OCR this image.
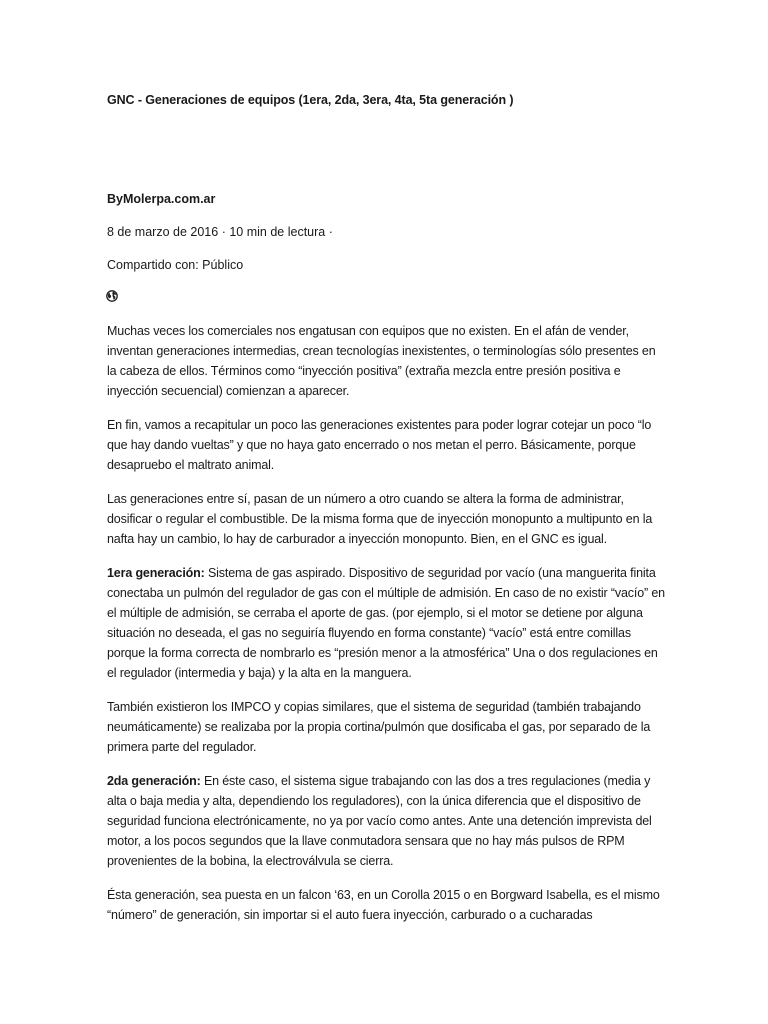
GNC - Generaciones de equipos (1era, 2da, 3era, 4ta, 5ta generación )
ByMolerpa.com.ar
8 de marzo de 2016 · 10 min de lectura ·
Compartido con: Público

Muchas veces los comerciales nos engatusan con equipos que no existen. En el afán de vender, inventan generaciones intermedias, crean tecnologías inexistentes, o terminologías sólo presentes en la cabeza de ellos. Términos como “inyección positiva” (extraña mezcla entre presión positiva e inyección secuencial) comienzan a aparecer.

En fin, vamos a recapitular un poco las generaciones existentes para poder lograr cotejar un poco “lo que hay dando vueltas” y que no haya gato encerrado o nos metan el perro. Básicamente, porque desapruebo el maltrato animal.

Las generaciones entre sí, pasan de un número a otro cuando se altera la forma de administrar, dosificar o regular el combustible. De la misma forma que de inyección monopunto a multipunto en la nafta hay un cambio, lo hay de carburador a inyección monopunto. Bien, en el GNC es igual.

1era generación: Sistema de gas aspirado. Dispositivo de seguridad por vacío (una manguerita finita conectaba un pulmón del regulador de gas con el múltiple de admisión. En caso de no existir “vacío” en el múltiple de admisión, se cerraba el aporte de gas. (por ejemplo, si el motor se detiene por alguna situación no deseada, el gas no seguiría fluyendo en forma constante) “vacío” está entre comillas porque la forma correcta de nombrarlo es “presión menor a la atmosférica” Una o dos regulaciones en el regulador (intermedia y baja) y la alta en la manguera.

También existieron los IMPCO y copias similares, que el sistema de seguridad (también trabajando neumáticamente) se realizaba por la propia cortina/pulmón que dosificaba el gas, por separado de la primera parte del regulador.

2da generación: En éste caso, el sistema sigue trabajando con las dos a tres regulaciones (media y alta o baja media y alta, dependiendo los reguladores), con la única diferencia que el dispositivo de seguridad funciona electrónicamente, no ya por vacío como antes. Ante una detención imprevista del motor, a los pocos segundos que la llave conmutadora sensara que no hay más pulsos de RPM provenientes de la bobina, la electroválvula se cierra.

Ésta generación, sea puesta en un falcon ‘63, en un Corolla 2015 o en Borgward Isabella, es el mismo “número” de generación, sin importar si el auto fuera inyección, carburado o a cucharadas
